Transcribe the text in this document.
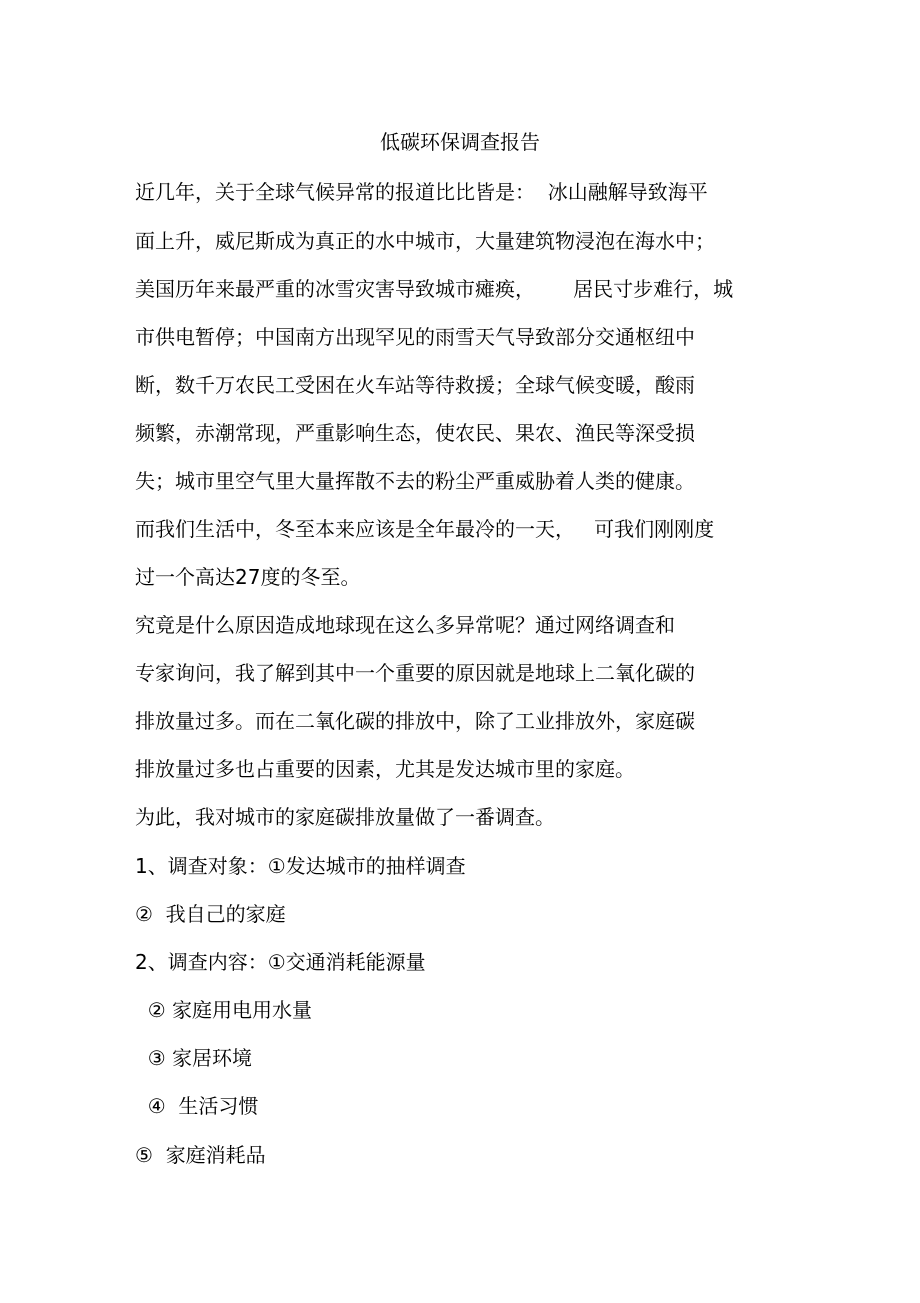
低碳环保调查报告
近几年，关于全球气候异常的报道比比皆是：  冰山融解导致海平
面上升，威尼斯成为真正的水中城市，大量建筑物浸泡在海水中；
美国历年来最严重的冰雪灾害导致城市瘫痪，      居民寸步难行，城
市供电暂停；中国南方出现罕见的雨雪天气导致部分交通枢纽中
断，数千万农民工受困在火车站等待救援；全球气候变暖，酸雨
频繁，赤潮常现，严重影响生态，使农民、果农、渔民等深受损
失；城市里空气里大量挥散不去的粉尘严重威胁着人类的健康。
而我们生活中，冬至本来应该是全年最冷的一天，   可我们刚刚度
过一个高达27度的冬至。
究竟是什么原因造成地球现在这么多异常呢？通过网络调查和
专家询问，我了解到其中一个重要的原因就是地球上二氧化碳的
排放量过多。而在二氧化碳的排放中，除了工业排放外，家庭碳
排放量过多也占重要的因素，尤其是发达城市里的家庭。
为此，我对城市的家庭碳排放量做了一番调查。
1、调查对象：①发达城市的抽样调查
②  我自己的家庭
2、调查内容：①交通消耗能源量
② 家庭用电用水量
③ 家居环境
④  生活习惯
⑤  家庭消耗品
